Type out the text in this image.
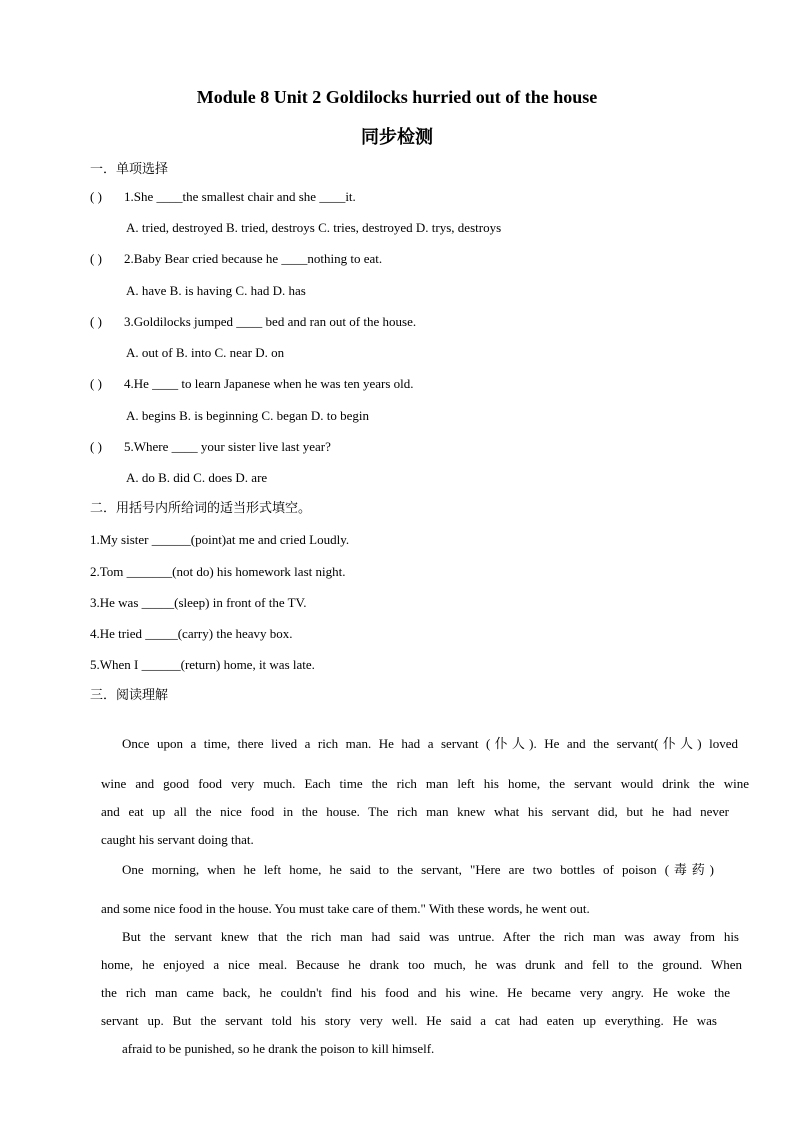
Module 8 Unit 2 Goldilocks hurried out of the house
同步检测
一．单项选择
( ) 1.She ____the smallest chair and she ____it.
A. tried, destroyed B. tried, destroys C. tries, destroyed D. trys, destroys
( ) 2.Baby Bear cried because he ____nothing to eat.
A. have B. is having C. had D. has
( ) 3.Goldilocks jumped ____ bed and ran out of the house.
A. out of B. into C. near D. on
( ) 4.He ____ to learn Japanese when he was ten years old.
A. begins B. is beginning C. began D. to begin
( ) 5.Where ____ your sister live last year?
A. do B. did C. does D. are
二．用括号内所给词的适当形式填空。
1.My sister ______(point)at me and cried Loudly.
2.Tom _______(not do) his homework last night.
3.He was _____(sleep) in front of the TV.
4.He tried _____(carry) the heavy box.
5.When I ______(return) home, it was late.
三．阅读理解
Once upon a time, there lived a rich man. He had a servant (仆人). He and the servant(仆人) loved
wine and good food very much. Each time the rich man left his home, the servant would drink the wine
and eat up all the nice food in the house. The rich man knew what his servant did, but he had never
caught his servant doing that.
One morning, when he left home, he said to the servant, "Here are two bottles of poison (毒药)
and some nice food in the house. You must take care of them." With these words, he went out.
But the servant knew that the rich man had said was untrue. After the rich man was away from his
home, he enjoyed a nice meal. Because he drank too much, he was drunk and fell to the ground. When
the rich man came back, he couldn't find his food and his wine. He became very angry. He woke the
servant up. But the servant told his story very well. He said a cat had eaten up everything. He was
afraid to be punished, so he drank the poison to kill himself.
